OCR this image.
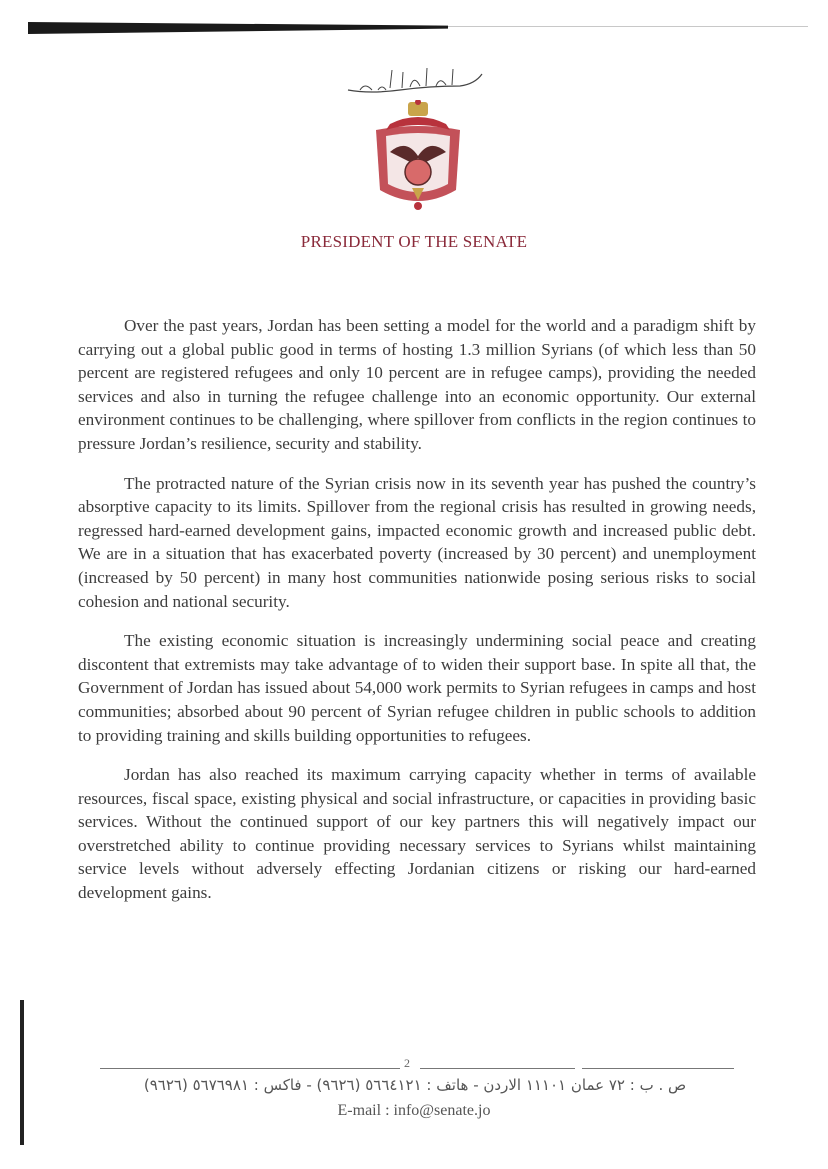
PRESIDENT OF THE SENATE

Over the past years, Jordan has been setting a model for the world and a paradigm shift by carrying out a global public good in terms of hosting 1.3 million Syrians (of which less than 50 percent are registered refugees and only 10 percent are in refugee camps), providing the needed services and also in turning the refugee challenge into an economic opportunity. Our external environment continues to be challenging, where spillover from conflicts in the region continues to pressure Jordan’s resilience, security and stability.

The protracted nature of the Syrian crisis now in its seventh year has pushed the country’s absorptive capacity to its limits. Spillover from the regional crisis has resulted in growing needs, regressed hard-earned development gains, impacted economic growth and increased public debt. We are in a situation that has exacerbated poverty (increased by 30 percent) and unemployment (increased by 50 percent) in many host communities nationwide posing serious risks to social cohesion and national security.

The existing economic situation is increasingly undermining social peace and creating discontent that extremists may take advantage of to widen their support base. In spite all that, the Government of Jordan has issued about 54,000 work permits to Syrian refugees in camps and host communities; absorbed about 90 percent of Syrian refugee children in public schools to addition to providing training and skills building opportunities to refugees.

Jordan has also reached its maximum carrying capacity whether in terms of available resources, fiscal space, existing physical and social infrastructure, or capacities in providing basic services. Without the continued support of our key partners this will negatively impact our overstretched ability to continue providing necessary services to Syrians whilst maintaining service levels without adversely effecting Jordanian citizens or risking our hard-earned development gains.

2
ص . ب : ٧٢ عمان ١١١٠١ الاردن - هاتف : ٥٦٦٤١٢١ (٩٦٢٦) - فاكس : ٥٦٧٦٩٨١ (٩٦٢٦)
E-mail : info@senate.jo
